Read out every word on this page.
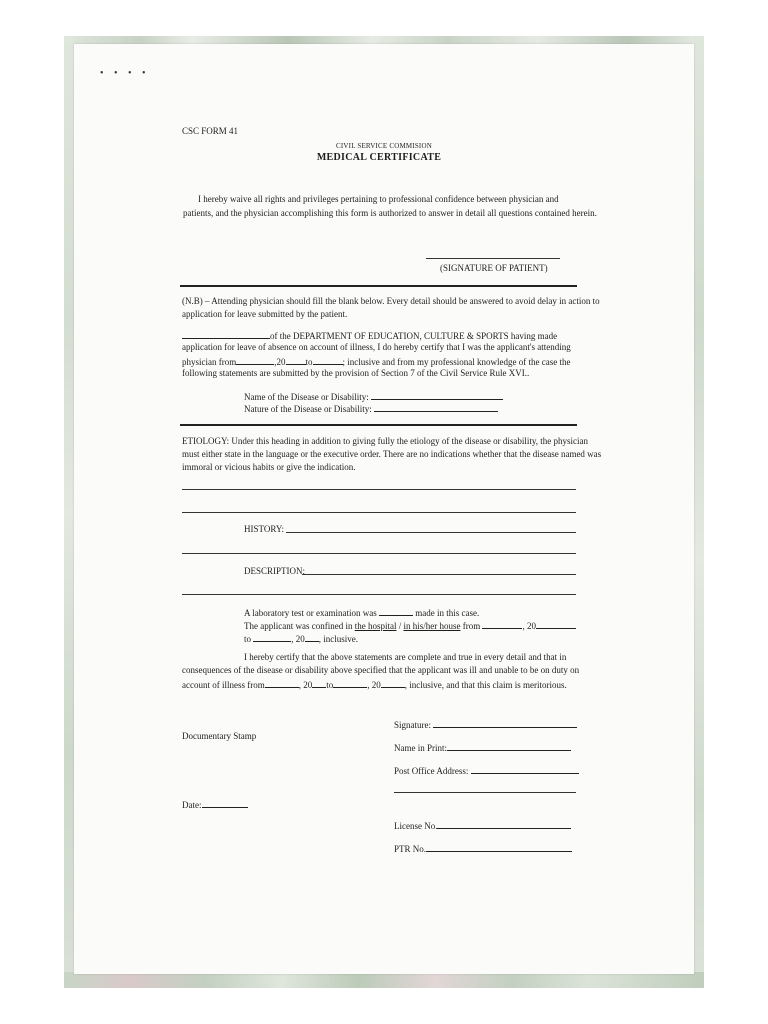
• • • •
CSC FORM 41
CIVIL SERVICE COMMISION
MEDICAL CERTIFICATE
I hereby waive all rights and privileges pertaining to professional confidence between physician and
patients, and the physician accomplishing this form is authorized to answer in detail all questions contained herein.
(SIGNATURE OF PATIENT)
(N.B) – Attending physician should fill the blank below. Every detail should be answered to avoid delay in action to
application for leave submitted by the patient.
of the DEPARTMENT OF EDUCATION, CULTURE & SPORTS having made
application for leave of absence on account of illness, I do hereby certify that I was the applicant's attending
physician from	,20 to	; inclusive and from my professional knowledge of the case the
following statements are submitted by the provision of Section 7 of the Civil Service Rule XVI..
Name of the Disease or Disability:
Nature of the Disease or Disability:
ETIOLOGY: Under this heading in addition to giving fully the etiology of the disease or disability, the physician
must either state in the language or the executive order. There are no indications whether that the disease named was
immoral or vicious habits or give the indication.
HISTORY:
DESCRIPTION:
A laboratory test or examination was	made in this case.
The applicant was confined in the hospital / in his/her house from	, 20
to	, 20 , inclusive.
I hereby certify that the above statements are complete and true in every detail and that in
consequences of the disease or disability above specified that the applicant was ill and unable to be on duty on
account of illness from	, 20 to	, 20	, inclusive, and that this claim is meritorious.
Signature:
Documentary Stamp
Name in Print:
Post Office Address:
Date:
License No.
PTR No.
